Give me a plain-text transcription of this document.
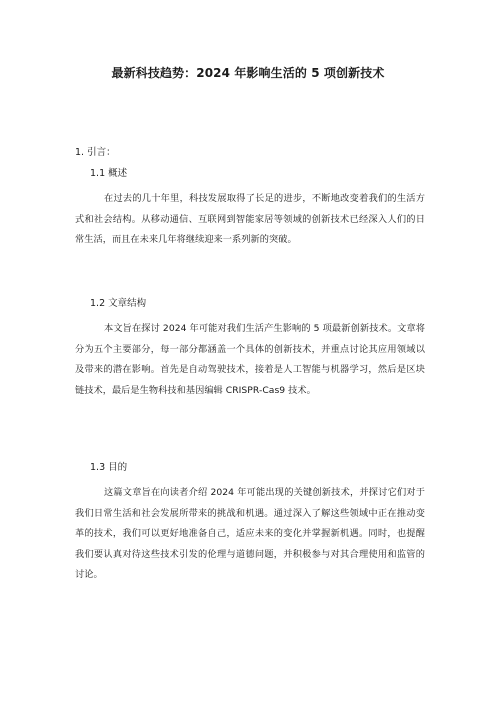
最新科技趋势：2024 年影响生活的 5 项创新技术
1. 引言：
1.1 概述
在过去的几十年里，科技发展取得了长足的进步，不断地改变着我们的生活方式和社会结构。从移动通信、互联网到智能家居等领域的创新技术已经深入人们的日常生活，而且在未来几年将继续迎来一系列新的突破。
1.2 文章结构
本文旨在探讨 2024 年可能对我们生活产生影响的 5 项最新创新技术。文章将分为五个主要部分，每一部分都涵盖一个具体的创新技术，并重点讨论其应用领域以及带来的潜在影响。首先是自动驾驶技术，接着是人工智能与机器学习，然后是区块链技术，最后是生物科技和基因编辑 CRISPR-Cas9 技术。
1.3 目的
这篇文章旨在向读者介绍 2024 年可能出现的关键创新技术，并探讨它们对于我们日常生活和社会发展所带来的挑战和机遇。通过深入了解这些领域中正在推动变革的技术，我们可以更好地准备自己，适应未来的变化并掌握新机遇。同时，也提醒我们要认真对待这些技术引发的伦理与道德问题，并积极参与对其合理使用和监管的讨论。
